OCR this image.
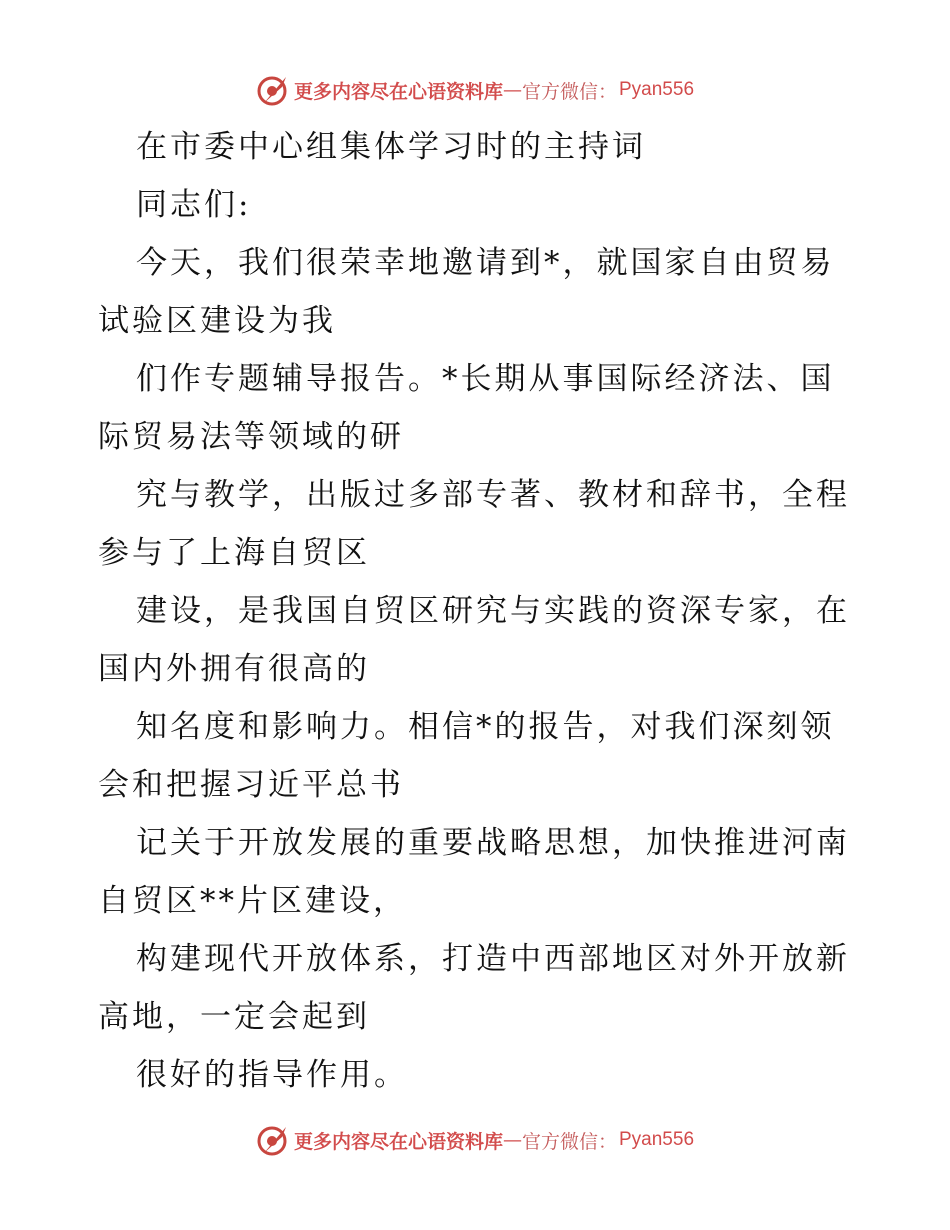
更多内容尽在心语资料库 — 官方微信： Pyan556
在市委中心组集体学习时的主持词
同志们:
今天，我们很荣幸地邀请到*，就国家自由贸易
试验区建设为我
们作专题辅导报告。*长期从事国际经济法、国
际贸易法等领域的研
究与教学，出版过多部专著、教材和辞书，全程
参与了上海自贸区
建设，是我国自贸区研究与实践的资深专家，在
国内外拥有很高的
知名度和影响力。相信*的报告，对我们深刻领
会和把握习近平总书
记关于开放发展的重要战略思想，加快推进河南
自贸区**片区建设，
构建现代开放体系，打造中西部地区对外开放新
高地，一定会起到
很好的指导作用。
更多内容尽在心语资料库 — 官方微信： Pyan556
